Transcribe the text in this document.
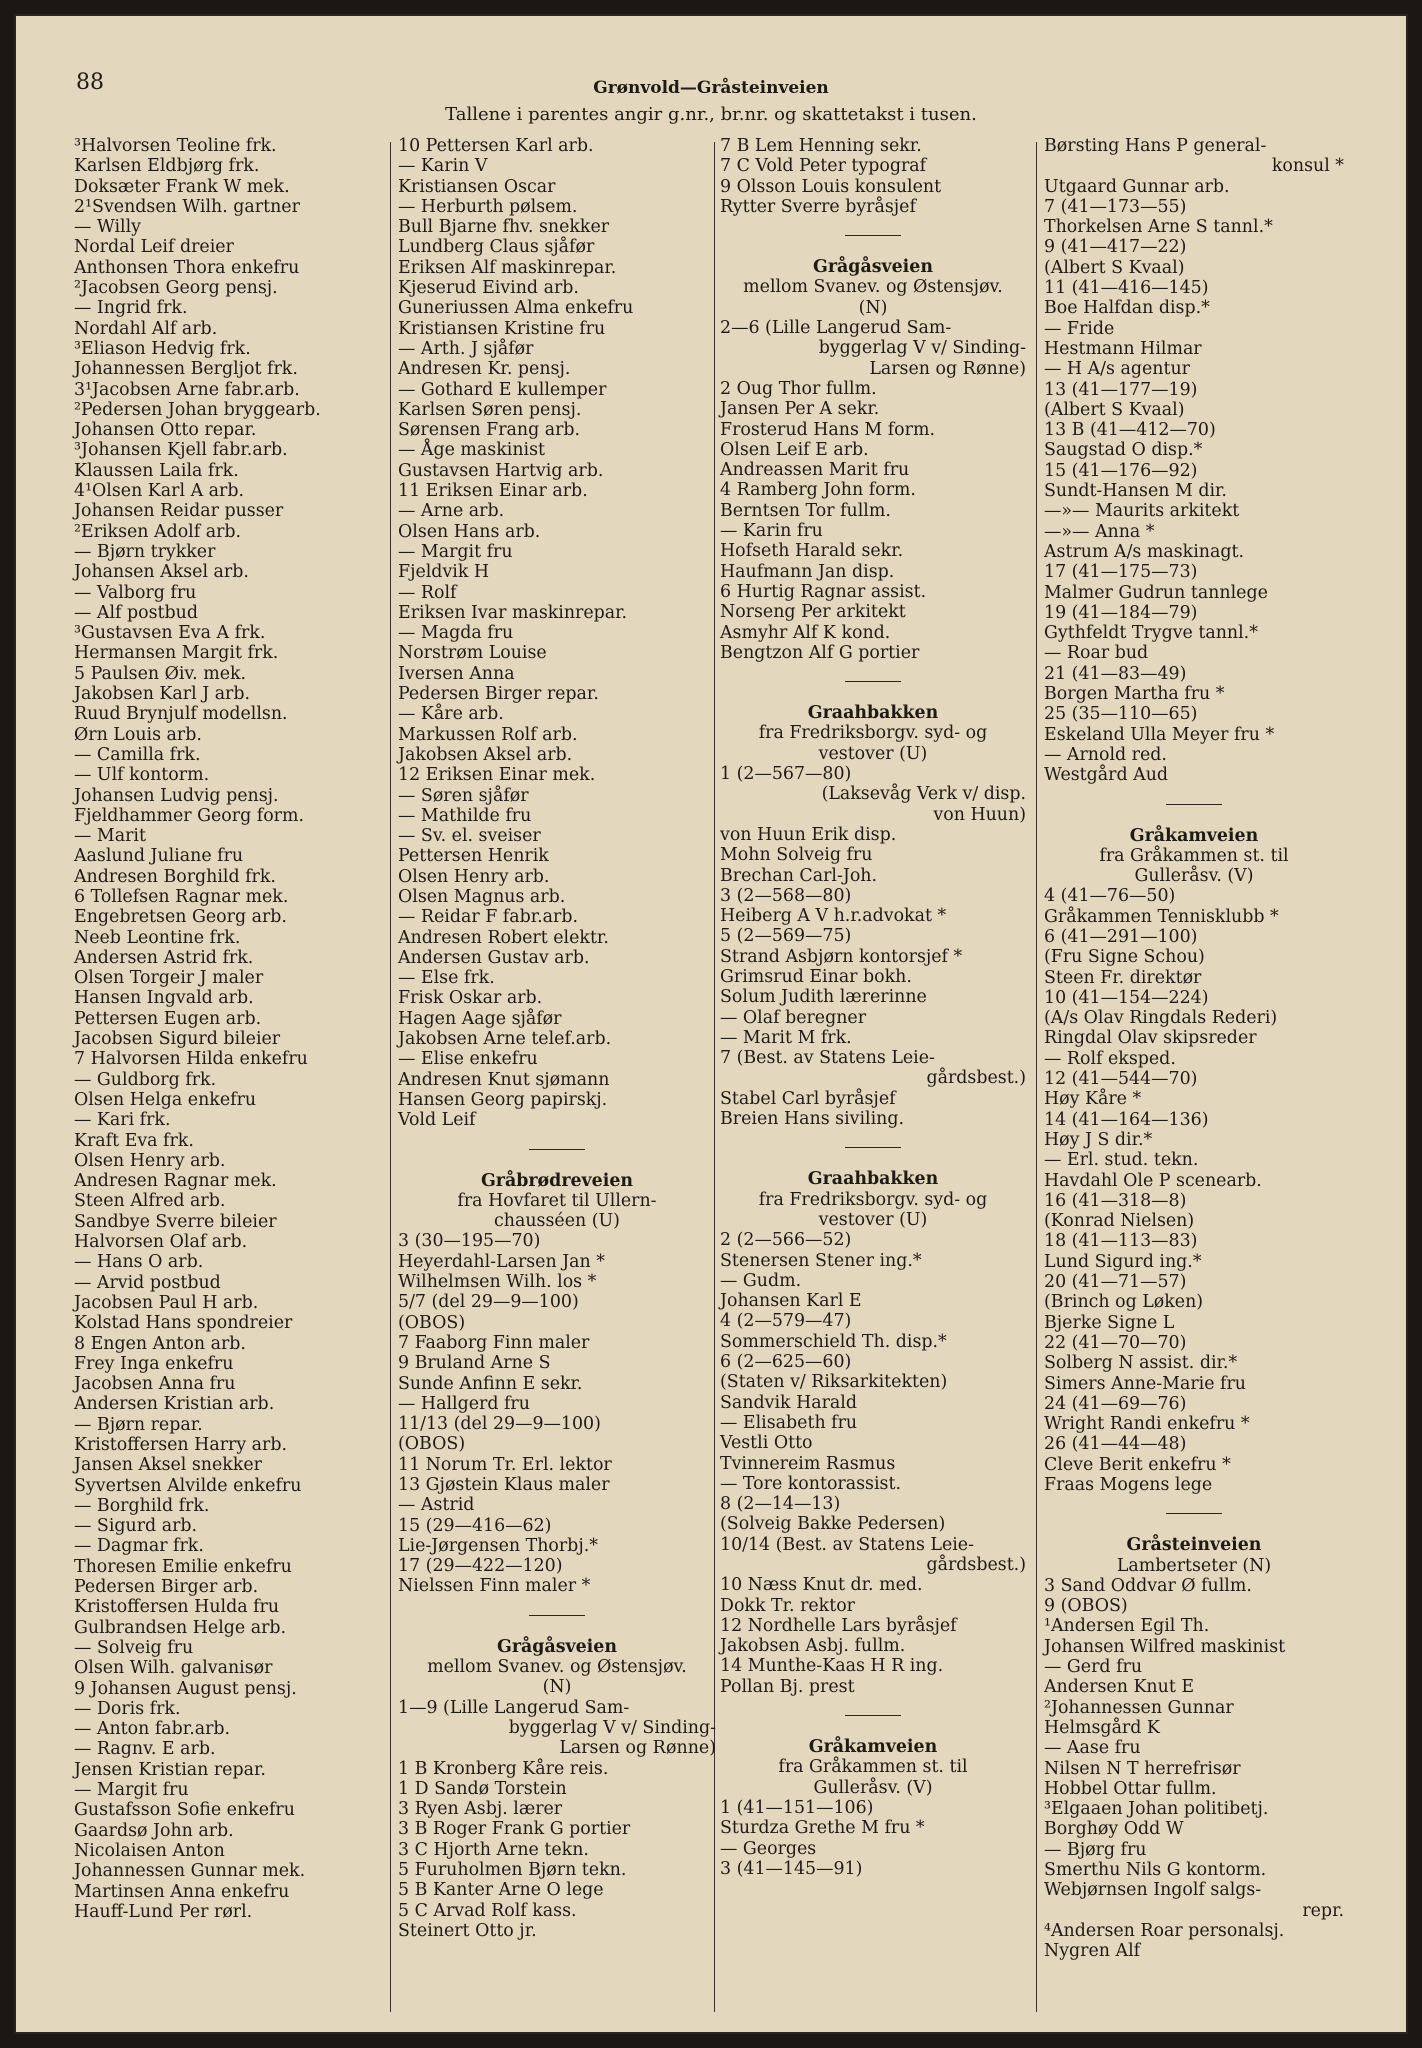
88	Grønvold—Gråsteinveien
Tallene i parentes angir g.nr., br.nr. og skattetakst i tusen.
³Halvorsen Teoline frk.
Karlsen Eldbjørg frk.
Doksæter Frank W mek.
2¹Svendsen Wilh. gartner
— Willy
Nordal Leif dreier
Anthonsen Thora enkefru
²Jacobsen Georg pensj.
— Ingrid frk.
Nordahl Alf arb.
³Eliason Hedvig frk.
Johannessen Bergljot frk.
3¹Jacobsen Arne fabr.arb.
²Pedersen Johan bryggearb.
Johansen Otto repar.
³Johansen Kjell fabr.arb.
Klaussen Laila frk.
4¹Olsen Karl A arb.
Johansen Reidar pusser
²Eriksen Adolf arb.
— Bjørn trykker
Johansen Aksel arb.
— Valborg fru
— Alf postbud
³Gustavsen Eva A frk.
Hermansen Margit frk.
5 Paulsen Øiv. mek.
Jakobsen Karl J arb.
Ruud Brynjulf modellsn.
Ørn Louis arb.
— Camilla frk.
— Ulf kontorm.
Johansen Ludvig pensj.
Fjeldhammer Georg form.
— Marit
Aaslund Juliane fru
Andresen Borghild frk.
6 Tollefsen Ragnar mek.
Engebretsen Georg arb.
Neeb Leontine frk.
Andersen Astrid frk.
Olsen Torgeir J maler
Hansen Ingvald arb.
Pettersen Eugen arb.
Jacobsen Sigurd bileier
7 Halvorsen Hilda enkefru
— Guldborg frk.
Olsen Helga enkefru
— Kari frk.
Kraft Eva frk.
Olsen Henry arb.
Andresen Ragnar mek.
Steen Alfred arb.
Sandbye Sverre bileier
Halvorsen Olaf arb.
— Hans O arb.
— Arvid postbud
Jacobsen Paul H arb.
Kolstad Hans spondreier
8 Engen Anton arb.
Frey Inga enkefru
Jacobsen Anna fru
Andersen Kristian arb.
— Bjørn repar.
Kristoffersen Harry arb.
Jansen Aksel snekker
Syvertsen Alvilde enkefru
— Borghild frk.
— Sigurd arb.
— Dagmar frk.
Thoresen Emilie enkefru
Pedersen Birger arb.
Kristoffersen Hulda fru
Gulbrandsen Helge arb.
— Solveig fru
Olsen Wilh. galvanisør
9 Johansen August pensj.
— Doris frk.
— Anton fabr.arb.
— Ragnv. E arb.
Jensen Kristian repar.
— Margit fru
Gustafsson Sofie enkefru
Gaardsø John arb.
Nicolaisen Anton
Johannessen Gunnar mek.
Martinsen Anna enkefru
Hauff-Lund Per rørl.
10 Pettersen Karl arb.
— Karin V
Kristiansen Oscar
— Herburth pølsem.
Bull Bjarne fhv. snekker
Lundberg Claus sjåfør
Eriksen Alf maskinrepar.
Kjeserud Eivind arb.
Guneriussen Alma enkefru
Kristiansen Kristine fru
— Arth. J sjåfør
Andresen Kr. pensj.
— Gothard E kullemper
Karlsen Søren pensj.
Sørensen Frang arb.
— Åge maskinist
Gustavsen Hartvig arb.
11 Eriksen Einar arb.
— Arne arb.
Olsen Hans arb.
— Margit fru
Fjeldvik H
— Rolf
Eriksen Ivar maskinrepar.
— Magda fru
Norstrøm Louise
Iversen Anna
Pedersen Birger repar.
— Kåre arb.
Markussen Rolf arb.
Jakobsen Aksel arb.
12 Eriksen Einar mek.
— Søren sjåfør
— Mathilde fru
— Sv. el. sveiser
Pettersen Henrik
Olsen Henry arb.
Olsen Magnus arb.
— Reidar F fabr.arb.
Andresen Robert elektr.
Andersen Gustav arb.
— Else frk.
Frisk Oskar arb.
Hagen Aage sjåfør
Jakobsen Arne telef.arb.
— Elise enkefru
Andresen Knut sjømann
Hansen Georg papirskj.
Vold Leif
Gråbrødreveien
fra Hovfaret til Ullern-
chausséen (U)
3 (30—195—70)
Heyerdahl-Larsen Jan *
Wilhelmsen Wilh. los *
5/7 (del 29—9—100)
(OBOS)
7 Faaborg Finn maler
9 Bruland Arne S
Sunde Anfinn E sekr.
— Hallgerd fru
11/13 (del 29—9—100)
(OBOS)
11 Norum Tr. Erl. lektor
13 Gjøstein Klaus maler
— Astrid
15 (29—416—62)
Lie-Jørgensen Thorbj.*
17 (29—422—120)
Nielssen Finn maler *
Grågåsveien
mellom Svanev. og Østensjøv.
(N)
1—9 (Lille Langerud Sam-
byggerlag V v/ Sinding-
Larsen og Rønne)
1 B Kronberg Kåre reis.
1 D Sandø Torstein
3 Ryen Asbj. lærer
3 B Roger Frank G portier
3 C Hjorth Arne tekn.
5 Furuholmen Bjørn tekn.
5 B Kanter Arne O lege
5 C Arvad Rolf kass.
Steinert Otto jr.
7 B Lem Henning sekr.
7 C Vold Peter typograf
9 Olsson Louis konsulent
Rytter Sverre byråsjef
Grågåsveien
mellom Svanev. og Østensjøv.
(N)
2—6 (Lille Langerud Sam-
byggerlag V v/ Sinding-
Larsen og Rønne)
2 Oug Thor fullm.
Jansen Per A sekr.
Frosterud Hans M form.
Olsen Leif E arb.
Andreassen Marit fru
4 Ramberg John form.
Berntsen Tor fullm.
— Karin fru
Hofseth Harald sekr.
Haufmann Jan disp.
6 Hurtig Ragnar assist.
Norseng Per arkitekt
Asmyhr Alf K kond.
Bengtzon Alf G portier
Graahbakken
fra Fredriksborgv. syd- og
vestover (U)
1 (2—567—80)
(Laksevåg Verk v/ disp.
von Huun)
von Huun Erik disp.
Mohn Solveig fru
Brechan Carl-Joh.
3 (2—568—80)
Heiberg A V h.r.advokat *
5 (2—569—75)
Strand Asbjørn kontorsjef *
Grimsrud Einar bokh.
Solum Judith lærerinne
— Olaf beregner
— Marit M frk.
7 (Best. av Statens Leie-
gårdsbest.)
Stabel Carl byråsjef
Breien Hans siviling.
Graahbakken
fra Fredriksborgv. syd- og
vestover (U)
2 (2—566—52)
Stenersen Stener ing.*
— Gudm.
Johansen Karl E
4 (2—579—47)
Sommerschield Th. disp.*
6 (2—625—60)
(Staten v/ Riksarkitekten)
Sandvik Harald
— Elisabeth fru
Vestli Otto
Tvinnereim Rasmus
— Tore kontorassist.
8 (2—14—13)
(Solveig Bakke Pedersen)
10/14 (Best. av Statens Leie-
gårdsbest.)
10 Næss Knut dr. med.
Dokk Tr. rektor
12 Nordhelle Lars byråsjef
Jakobsen Asbj. fullm.
14 Munthe-Kaas H R ing.
Pollan Bj. prest
Gråkamveien
fra Gråkammen st. til
Gulleråsv. (V)
1 (41—151—106)
Sturdza Grethe M fru *
— Georges
3 (41—145—91)
Børsting Hans P general-
konsul *
Utgaard Gunnar arb.
7 (41—173—55)
Thorkelsen Arne S tannl.*
9 (41—417—22)
(Albert S Kvaal)
11 (41—416—145)
Boe Halfdan disp.*
— Fride
Hestmann Hilmar
— H A/s agentur
13 (41—177—19)
(Albert S Kvaal)
13 B (41—412—70)
Saugstad O disp.*
15 (41—176—92)
Sundt-Hansen M dir.
—»— Maurits arkitekt
—»— Anna *
Astrum A/s maskinagt.
17 (41—175—73)
Malmer Gudrun tannlege
19 (41—184—79)
Gythfeldt Trygve tannl.*
— Roar bud
21 (41—83—49)
Borgen Martha fru *
25 (35—110—65)
Eskeland Ulla Meyer fru *
— Arnold red.
Westgård Aud
Gråkamveien
fra Gråkammen st. til
Gulleråsv. (V)
4 (41—76—50)
Gråkammen Tennisklubb *
6 (41—291—100)
(Fru Signe Schou)
Steen Fr. direktør
10 (41—154—224)
(A/s Olav Ringdals Rederi)
Ringdal Olav skipsreder
— Rolf eksped.
12 (41—544—70)
Høy Kåre *
14 (41—164—136)
Høy J S dir.*
— Erl. stud. tekn.
Havdahl Ole P scenearb.
16 (41—318—8)
(Konrad Nielsen)
18 (41—113—83)
Lund Sigurd ing.*
20 (41—71—57)
(Brinch og Løken)
Bjerke Signe L
22 (41—70—70)
Solberg N assist. dir.*
Simers Anne-Marie fru
24 (41—69—76)
Wright Randi enkefru *
26 (41—44—48)
Cleve Berit enkefru *
Fraas Mogens lege
Gråsteinveien
Lambertseter (N)
3 Sand Oddvar Ø fullm.
9 (OBOS)
¹Andersen Egil Th.
Johansen Wilfred maskinist
— Gerd fru
Andersen Knut E
²Johannessen Gunnar
Helmsgård K
— Aase fru
Nilsen N T herrefrisør
Hobbel Ottar fullm.
³Elgaaen Johan politibetj.
Borghøy Odd W
— Bjørg fru
Smerthu Nils G kontorm.
Webjørnsen Ingolf salgs-
repr.
⁴Andersen Roar personalsj.
Nygren Alf
